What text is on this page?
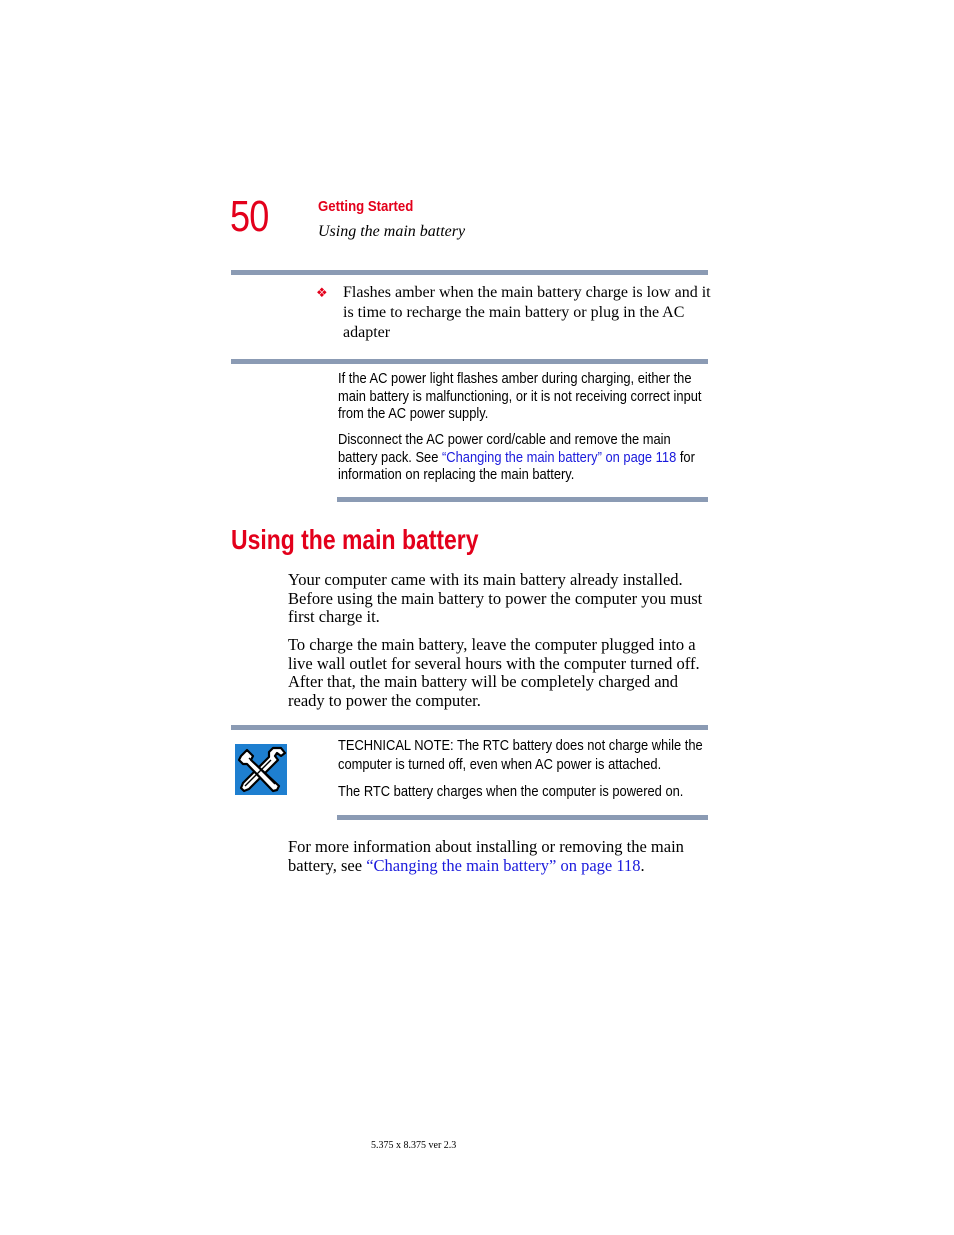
50	Getting Started
Using the main battery
❖ Flashes amber when the main battery charge is low and it is time to recharge the main battery or plug in the AC adapter
If the AC power light flashes amber during charging, either the main battery is malfunctioning, or it is not receiving correct input from the AC power supply.
Disconnect the AC power cord/cable and remove the main battery pack. See “Changing the main battery” on page 118 for information on replacing the main battery.
Using the main battery
Your computer came with its main battery already installed. Before using the main battery to power the computer you must first charge it.
To charge the main battery, leave the computer plugged into a live wall outlet for several hours with the computer turned off. After that, the main battery will be completely charged and ready to power the computer.
TECHNICAL NOTE: The RTC battery does not charge while the computer is turned off, even when AC power is attached.
The RTC battery charges when the computer is powered on.
For more information about installing or removing the main battery, see “Changing the main battery” on page 118.
5.375 x 8.375 ver 2.3
